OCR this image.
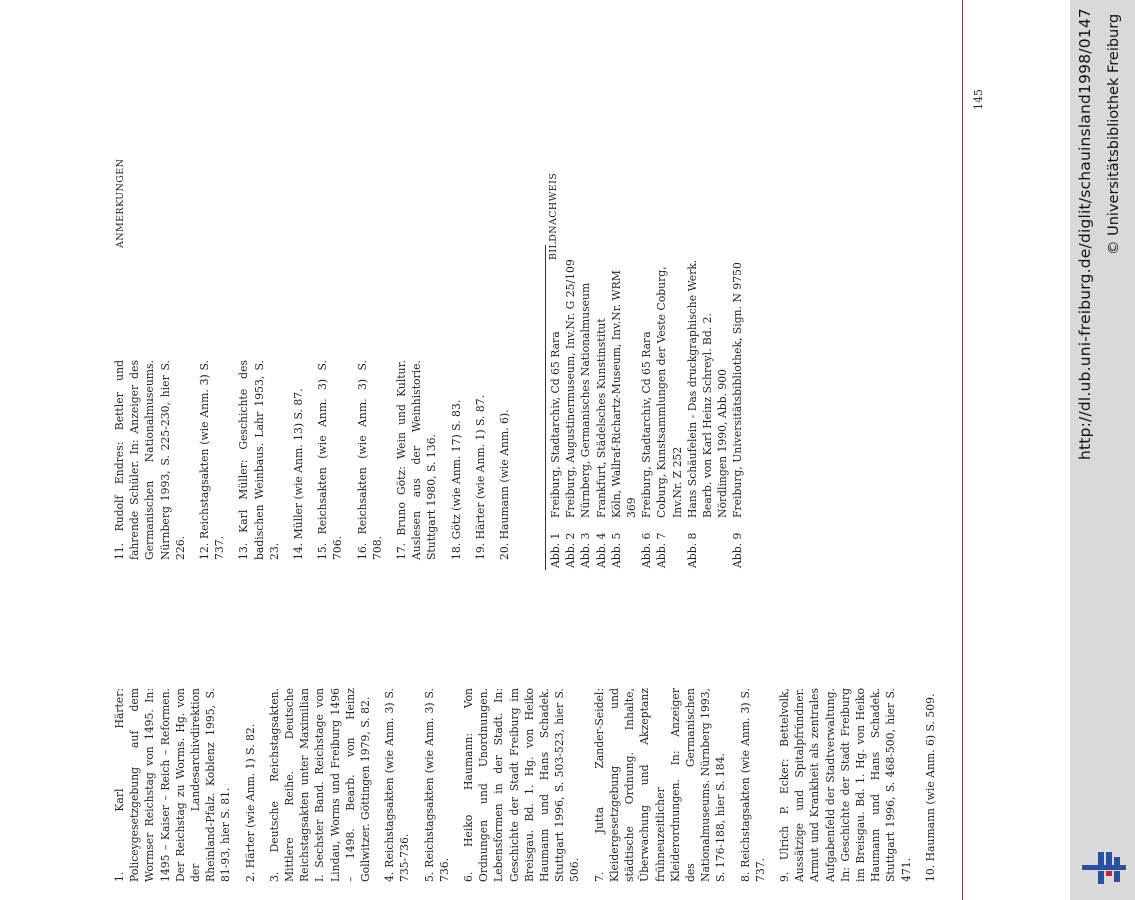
1. Karl Härter: Policeygesetzgebung auf dem Wormser Reichstag von 1495. In: 1495 – Kaiser – Reich – Reformen. Der Reichstag zu Worms. Hg. von der Landesarchivdirektion Rheinland-Pfalz. Koblenz 1995, S. 81-93, hier S. 81. 2. Härter (wie Anm. 1) S. 82. 3. Deutsche Reichstagsakten. Mittlere Reihe. Deutsche Reichstagsakten unter Maximilian I. Sechster Band. Reichstage von Lindau, Worms und Freiburg 1496 – 1498. Bearb. von Heinz Gollwitzer. Göttingen 1979, S. 82. 4. Reichstagsakten (wie Anm. 3) S. 735-736. 5. Reichstagsakten (wie Anm. 3) S. 736. 6. Heiko Haumann: Von Ordnungen und Unordnungen. Lebensformen in der Stadt. In: Geschichte der Stadt Freiburg im Breisgau. Bd. 1. Hg. von Heiko Haumann und Hans Schadek. Stuttgart 1996, S. 503-523, hier S. 506. 7. Jutta Zander-Seidel: Kleidergesetzgebung und städtische Ordnung. Inhalte, Überwachung und Akzeptanz frühneuzeitlicher Kleiderordnungen. In: Anzeiger des Germanischen Nationalmuseums. Nürnberg 1993, S. 176-188, hier S. 184. 8. Reichstagsakten (wie Anm. 3) S. 737. 9. Ulrich P. Ecker: Bettelvolk, Aussätzige und Spitalpfründner. Armut und Krankheit als zentrales Aufgabenfeld der Stadtverwaltung. In: Geschichte der Stadt Freiburg im Breisgau. Bd. 1. Hg. von Heiko Haumann und Hans Schadek. Stuttgart 1996, S. 468-500, hier S. 471. 10. Haumann (wie Anm. 6) S. 509.

11. Rudolf Endres: Bettler und fahrende Schüler. In: Anzeiger des Germanischen Nationalmuseums. Nürnberg 1993, S. 225-230, hier S. 226. 12. Reichstagsakten (wie Anm. 3) S. 737. 13. Karl Müller: Geschichte des badischen Weinbaus. Lahr 1953, S. 23. 14. Müller (wie Anm. 13) S. 87. 15. Reichsakten (wie Anm. 3) S. 706. 16. Reichsakten (wie Anm. 3) S. 708. 17. Bruno Götz: Wein und Kultur. Auslesen aus der Weinhistorie. Stuttgart 1980, S. 136. 18. Götz (wie Anm. 17) S. 83. 19. Härter (wie Anm. 1) S. 87. 20. Haumann (wie Anm. 6).	Abb. 1
Freiburg, Stadtarchiv, Cd 65 Rara
Abb. 2
Freiburg, Augustinermuseum, Inv.Nr. G 25/109
Abb. 3
Nürnberg, Germanisches Nationalmuseum
Abb. 4
Frankfurt, Städelsches Kunstinstitut
Abb. 5
Köln, Wallraf-Richartz-Museum, Inv.Nr. WRM 369
Abb. 6
Freiburg, Stadtarchiv, Cd 65 Rara
Abb. 7
Coburg, Kunstsammlungen der Veste Coburg, Inv.Nr. Z 252
Abb. 8
Hans Schäufelein - Das druckgraphische Werk. Bearb. von Karl Heinz Schreyl. Bd. 2. Nördlingen 1990, Abb. 900
Abb. 9
Freiburg, Universitätsbibliothek, Sign. N 9750
ANMERKUNGEN	BILDNACHWEIS
145	http://dl.ub.uni-freiburg.de/diglit/schauinsland1998/0147 © Universitätsbibliothek Freiburg
